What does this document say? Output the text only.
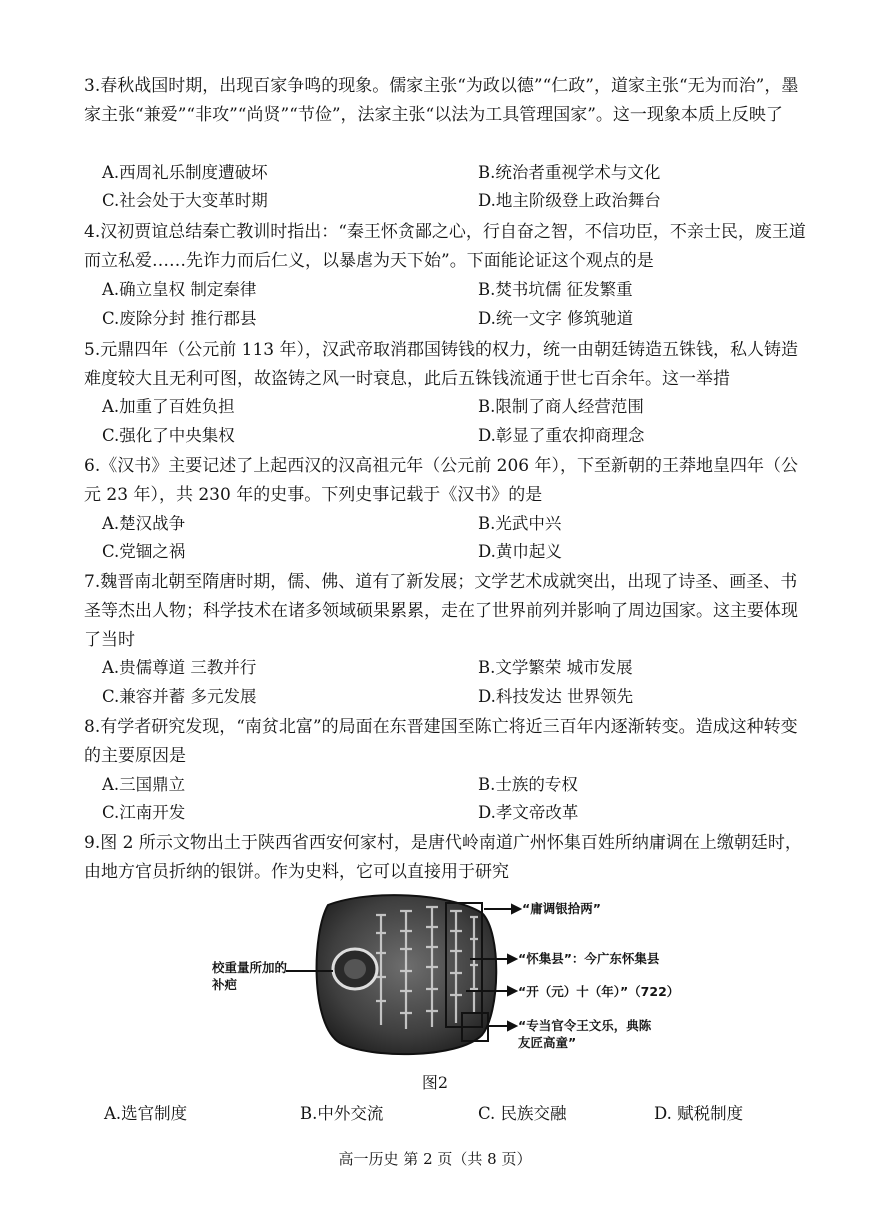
3.春秋战国时期，出现百家争鸣的现象。儒家主张“为政以德”“仁政”，道家主张“无为而治”，墨家主张“兼爱”“非攻”“尚贤”“节俭”，法家主张“以法为工具管理国家”。这一现象本质上反映了

A.西周礼乐制度遭破坏	B.统治者重视学术与文化
C.社会处于大变革时期	D.地主阶级登上政治舞台

4.汉初贾谊总结秦亡教训时指出：“秦王怀贪鄙之心，行自奋之智，不信功臣，不亲士民，废王道而立私爱……先诈力而后仁义，以暴虐为天下始”。下面能论证这个观点的是

A.确立皇权 制定秦律	B.焚书坑儒 征发繁重
C.废除分封 推行郡县	D.统一文字 修筑驰道

5.元鼎四年（公元前 113 年），汉武帝取消郡国铸钱的权力，统一由朝廷铸造五铢钱，私人铸造难度较大且无利可图，故盗铸之风一时衰息，此后五铢钱流通于世七百余年。这一举措

A.加重了百姓负担	B.限制了商人经营范围
C.强化了中央集权	D.彰显了重农抑商理念

6.《汉书》主要记述了上起西汉的汉高祖元年（公元前 206 年），下至新朝的王莽地皇四年（公元 23 年），共 230 年的史事。下列史事记载于《汉书》的是

A.楚汉战争	B.光武中兴
C.党锢之祸	D.黄巾起义

7.魏晋南北朝至隋唐时期，儒、佛、道有了新发展；文学艺术成就突出，出现了诗圣、画圣、书圣等杰出人物；科学技术在诸多领域硕果累累，走在了世界前列并影响了周边国家。这主要体现了当时

A.贵儒尊道 三教并行	B.文学繁荣 城市发展
C.兼容并蓄 多元发展	D.科技发达 世界领先

8.有学者研究发现，“南贫北富”的局面在东晋建国至陈亡将近三百年内逐渐转变。造成这种转变的主要原因是

A.三国鼎立	B.士族的专权
C.江南开发	D.孝文帝改革

9.图 2 所示文物出土于陕西省西安何家村，是唐代岭南道广州怀集百姓所纳庸调在上缴朝廷时，由地方官员折纳的银饼。作为史料，它可以直接用于研究

“庸调银拾两”
“怀集县”：今广东怀集县
“开（元）十（年）”（722）
“专当官令王文乐，典陈
友匠高童”
校重量所加的
补疤
图2
A.选官制度	B.中外交流	C. 民族交融	D. 赋税制度
高一历史 第 2 页（共 8 页）
